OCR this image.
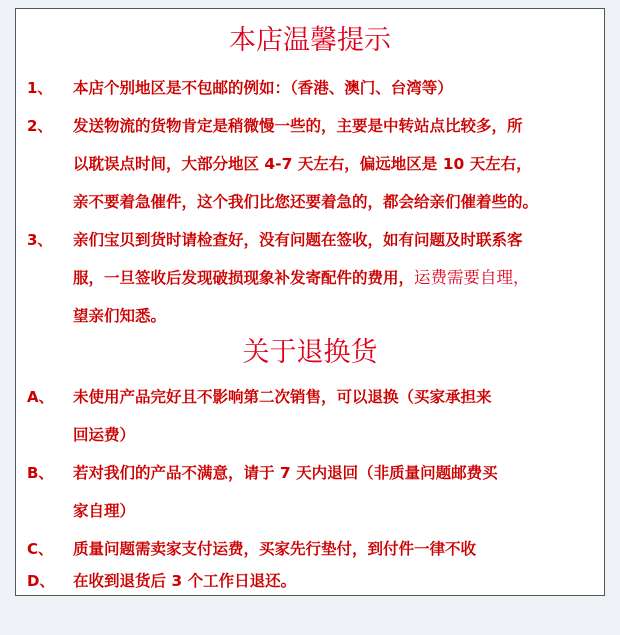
本店温馨提示
1、 本店个别地区是不包邮的例如：（香港、澳门、台湾等）
2、 发送物流的货物肯定是稍微慢一些的，主要是中转站点比较多，所
以耽误点时间，大部分地区 4-7 天左右，偏远地区是 10 天左右，
亲不要着急催件，这个我们比您还要着急的，都会给亲们催着些的。
3、 亲们宝贝到货时请检查好，没有问题在签收，如有问题及时联系客
服，一旦签收后发现破损现象补发寄配件的费用，运费需要自理，
望亲们知悉。
关于退换货
A、 未使用产品完好且不影响第二次销售，可以退换（买家承担来
回运费）
B、 若对我们的产品不满意，请于 7 天内退回（非质量问题邮费买
家自理）
C、 质量问题需卖家支付运费，买家先行垫付，到付件一律不收
D、 在收到退货后 3 个工作日退还。
